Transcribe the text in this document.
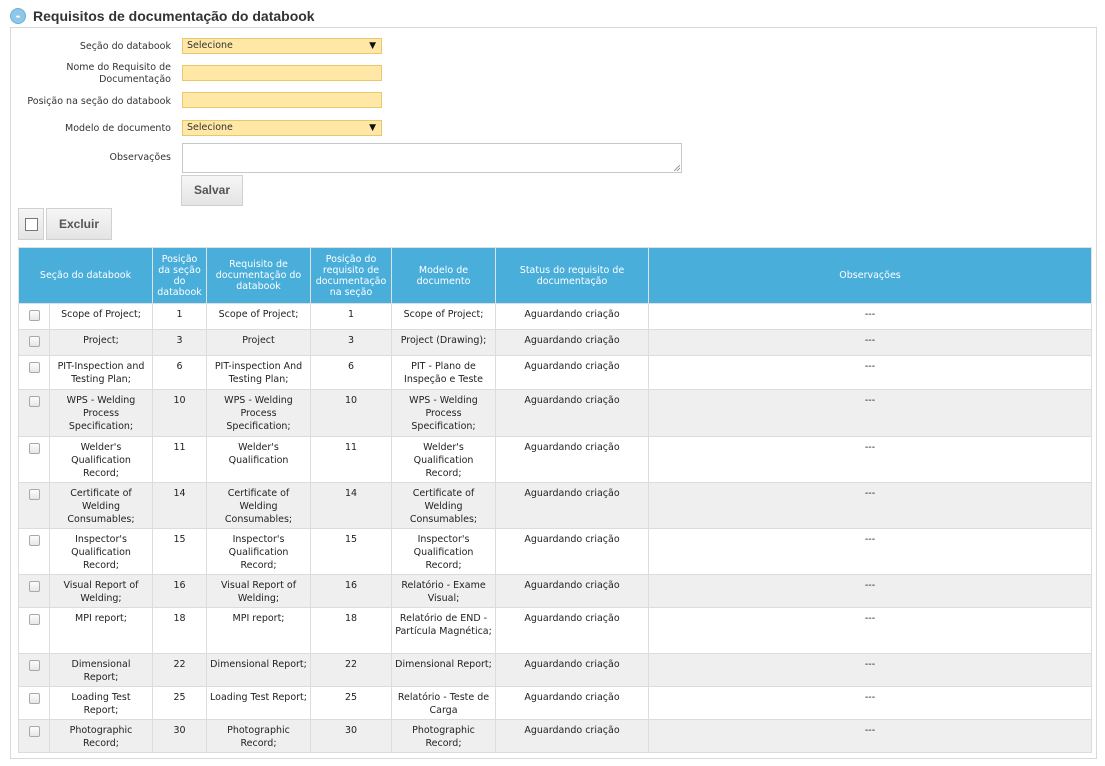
- Requisitos de documentação do databook
Seção do databook	Selecione	▼
Nome do Requisito de Documentação
Posição na seção do databook
Modelo de documento	Selecione	▼
Observações
Salvar
Excluir
Seção do databook		Posição da seção do databook	Requisito de documentação do databook	Posição do requisito de documentação na seção	Modelo de documento	Status do requisito de documentação	Observações
	Scope of Project;	1	Scope of Project;	1	Scope of Project;	Aguardando criação	---
	Project;	3	Project	3	Project (Drawing);	Aguardando criação	---
	PIT-Inspection and Testing Plan;	6	PIT-inspection And Testing Plan;	6	PIT - Plano de Inspeção e Teste	Aguardando criação	---
	WPS - Welding Process Specification;	10	WPS - Welding Process Specification;	10	WPS - Welding Process Specification;	Aguardando criação	---
	Welder's Qualification Record;	11	Welder's Qualification	11	Welder's Qualification Record;	Aguardando criação	---
	Certificate of Welding Consumables;	14	Certificate of Welding Consumables;	14	Certificate of Welding Consumables;	Aguardando criação	---
	Inspector's Qualification Record;	15	Inspector's Qualification Record;	15	Inspector's Qualification Record;	Aguardando criação	---
	Visual Report of Welding;	16	Visual Report of Welding;	16	Relatório - Exame Visual;	Aguardando criação	---
	MPI report;	18	MPI report;	18	Relatório de END - Partícula Magnética;	Aguardando criação	---
	Dimensional Report;	22	Dimensional Report;	22	Dimensional Report;	Aguardando criação	---
	Loading Test Report;	25	Loading Test Report;	25	Relatório - Teste de Carga	Aguardando criação	---
	Photographic Record;	30	Photographic Record;	30	Photographic Record;	Aguardando criação	---
